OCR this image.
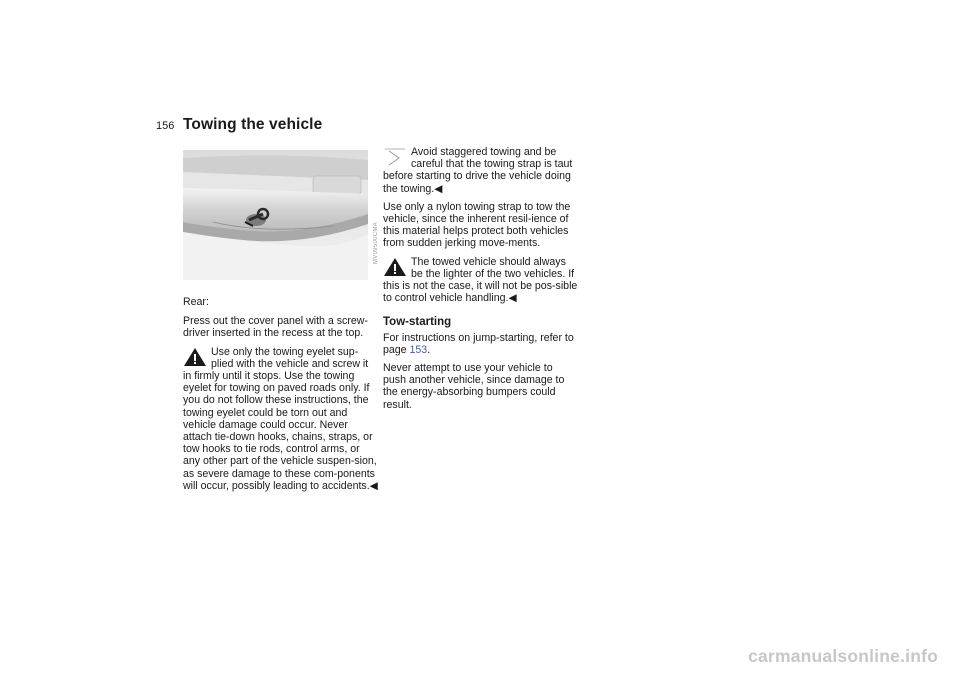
156 Towing the vehicle

Rear:

Press out the cover panel with a screw-driver inserted in the recess at the top.

Use only the towing eyelet sup-plied with the vehicle and screw it in firmly until it stops. Use the towing eyelet for towing on paved roads only. If you do not follow these instructions, the towing eyelet could be torn out and vehicle damage could occur. Never attach tie-down hooks, chains, straps, or tow hooks to tie rods, control arms, or any other part of the vehicle suspen-sion, as severe damage to these com-ponents will occur, possibly leading to accidents.◀
MV09500CMA
Avoid staggered towing and be careful that the towing strap is taut before starting to drive the vehicle doing the towing.◀

Use only a nylon towing strap to tow the vehicle, since the inherent resil-ience of this material helps protect both vehicles from sudden jerking move-ments.

The towed vehicle should always be the lighter of the two vehicles. If this is not the case, it will not be pos-sible to control vehicle handling.◀

Tow-starting

For instructions on jump-starting, refer to page 153.

Never attempt to use your vehicle to push another vehicle, since damage to the energy-absorbing bumpers could result.

carmanualsonline.info
